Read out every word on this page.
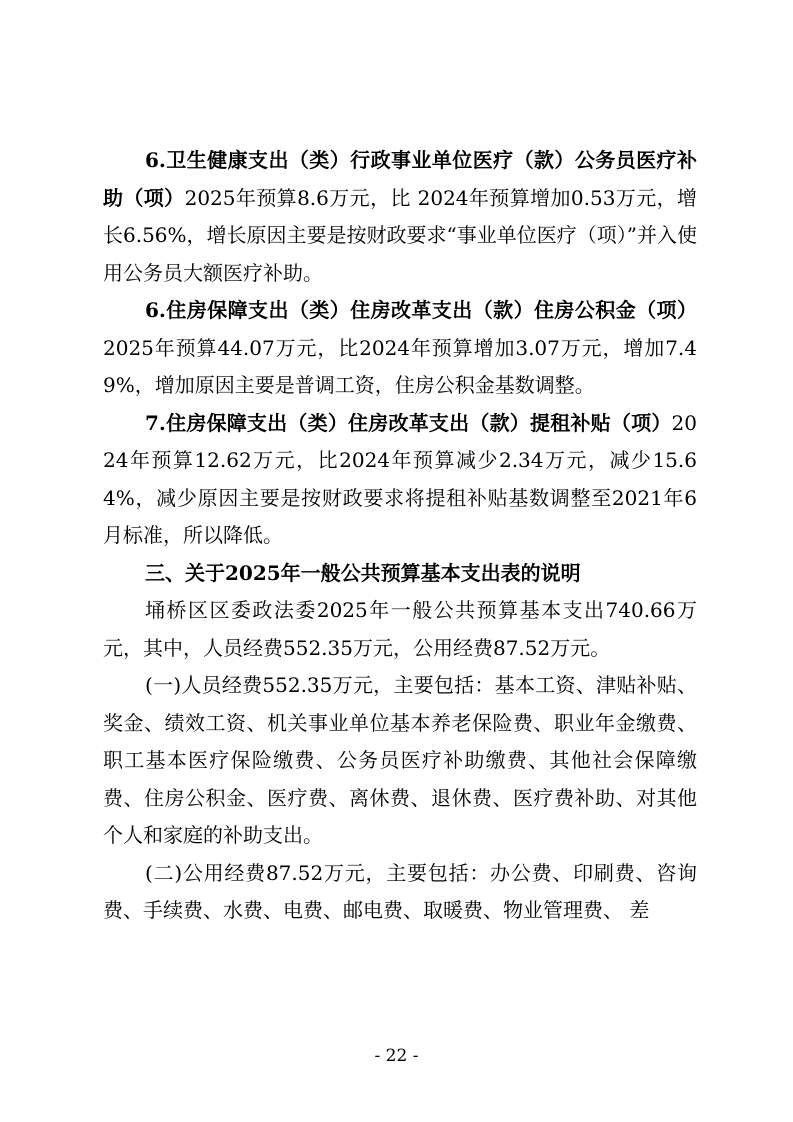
6.卫生健康支出（类）行政事业单位医疗（款）公务员医疗补助（项）2025年预算8.6万元，比 2024年预算增加0.53万元，增长6.56%，增长原因主要是按财政要求“事业单位医疗（项）”并入使用公务员大额医疗补助。

6.住房保障支出（类）住房改革支出（款）住房公积金（项）2025年预算44.07万元，比2024年预算增加3.07万元，增加7.49%，增加原因主要是普调工资，住房公积金基数调整。

7.住房保障支出（类）住房改革支出（款）提租补贴（项）2024年预算12.62万元，比2024年预算减少2.34万元，减少15.64%，减少原因主要是按财政要求将提租补贴基数调整至2021年6月标准，所以降低。

三、关于2025年一般公共预算基本支出表的说明

埇桥区区委政法委2025年一般公共预算基本支出740.66万元，其中，人员经费552.35万元，公用经费87.52万元。

(一)人员经费552.35万元，主要包括：基本工资、津贴补贴、奖金、绩效工资、机关事业单位基本养老保险费、职业年金缴费、职工基本医疗保险缴费、公务员医疗补助缴费、其他社会保障缴费、住房公积金、医疗费、离休费、退休费、医疗费补助、对其他个人和家庭的补助支出。

(二)公用经费87.52万元，主要包括：办公费、印刷费、咨询费、手续费、水费、电费、邮电费、取暖费、物业管理费、 差

- 22 -
